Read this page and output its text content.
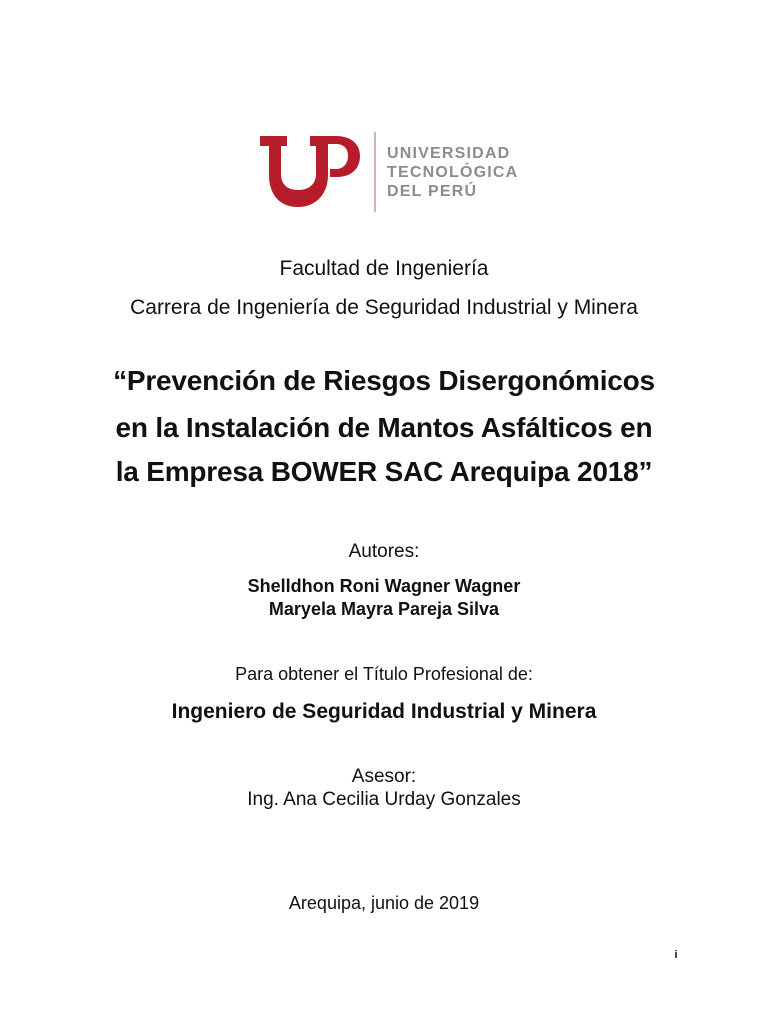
UNIVERSIDAD
TECNOLÓGICA
DEL PERÚ
Facultad de Ingeniería
Carrera de Ingeniería de Seguridad Industrial y Minera
“Prevención de Riesgos Disergonómicos
en la Instalación de Mantos Asfálticos en
la Empresa BOWER SAC Arequipa 2018”
Autores:
Shelldhon Roni Wagner Wagner
Maryela Mayra Pareja Silva
Para obtener el Título Profesional de:
Ingeniero de Seguridad Industrial y Minera
Asesor:
Ing. Ana Cecilia Urday Gonzales
Arequipa, junio de 2019
i
